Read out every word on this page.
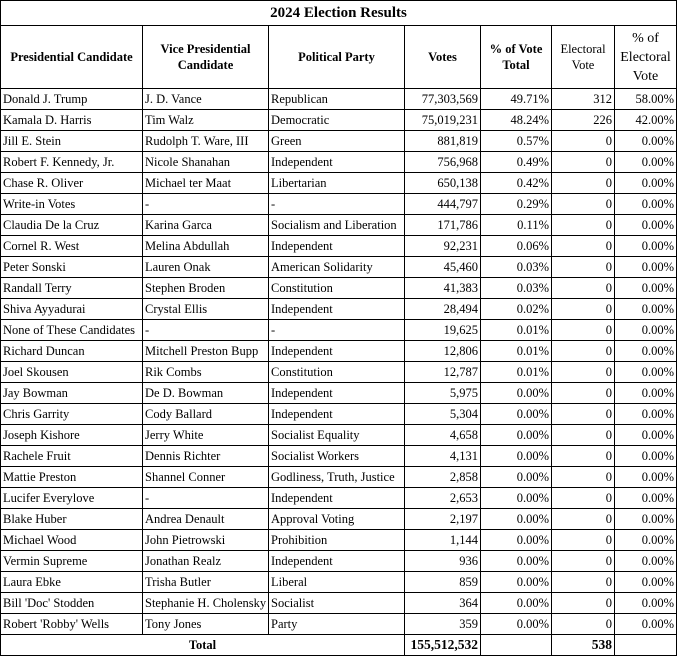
2024 Election Results						
Presidential Candidate	Vice Presidential Candidate	Political Party	Votes	% of Vote Total	Electoral Vote	% of Electoral Vote
Donald J. Trump	J. D. Vance	Republican	77,303,569	49.71%	312	58.00%
Kamala D. Harris	Tim Walz	Democratic	75,019,231	48.24%	226	42.00%
Jill E. Stein	Rudolph T. Ware, III	Green	881,819	0.57%	0	0.00%
Robert F. Kennedy, Jr.	Nicole Shanahan	Independent	756,968	0.49%	0	0.00%
Chase R. Oliver	Michael ter Maat	Libertarian	650,138	0.42%	0	0.00%
Write-in Votes	-	-	444,797	0.29%	0	0.00%
Claudia De la Cruz	Karina Garca	Socialism and Liberation	171,786	0.11%	0	0.00%
Cornel R. West	Melina Abdullah	Independent	92,231	0.06%	0	0.00%
Peter Sonski	Lauren Onak	American Solidarity	45,460	0.03%	0	0.00%
Randall Terry	Stephen Broden	Constitution	41,383	0.03%	0	0.00%
Shiva Ayyadurai	Crystal Ellis	Independent	28,494	0.02%	0	0.00%
None of These Candidates	-	-	19,625	0.01%	0	0.00%
Richard Duncan	Mitchell Preston Bupp	Independent	12,806	0.01%	0	0.00%
Joel Skousen	Rik Combs	Constitution	12,787	0.01%	0	0.00%
Jay Bowman	De D. Bowman	Independent	5,975	0.00%	0	0.00%
Chris Garrity	Cody Ballard	Independent	5,304	0.00%	0	0.00%
Joseph Kishore	Jerry White	Socialist Equality	4,658	0.00%	0	0.00%
Rachele Fruit	Dennis Richter	Socialist Workers	4,131	0.00%	0	0.00%
Mattie Preston	Shannel Conner	Godliness, Truth, Justice	2,858	0.00%	0	0.00%
Lucifer Everylove	-	Independent	2,653	0.00%	0	0.00%
Blake Huber	Andrea Denault	Approval Voting	2,197	0.00%	0	0.00%
Michael Wood	John Pietrowski	Prohibition	1,144	0.00%	0	0.00%
Vermin Supreme	Jonathan Realz	Independent	936	0.00%	0	0.00%
Laura Ebke	Trisha Butler	Liberal	859	0.00%	0	0.00%
Bill 'Doc' Stodden	Stephanie H. Cholensky	Socialist	364	0.00%	0	0.00%
Robert 'Robby' Wells	Tony Jones	Party	359	0.00%	0	0.00%
Total			155,512,532		538	
